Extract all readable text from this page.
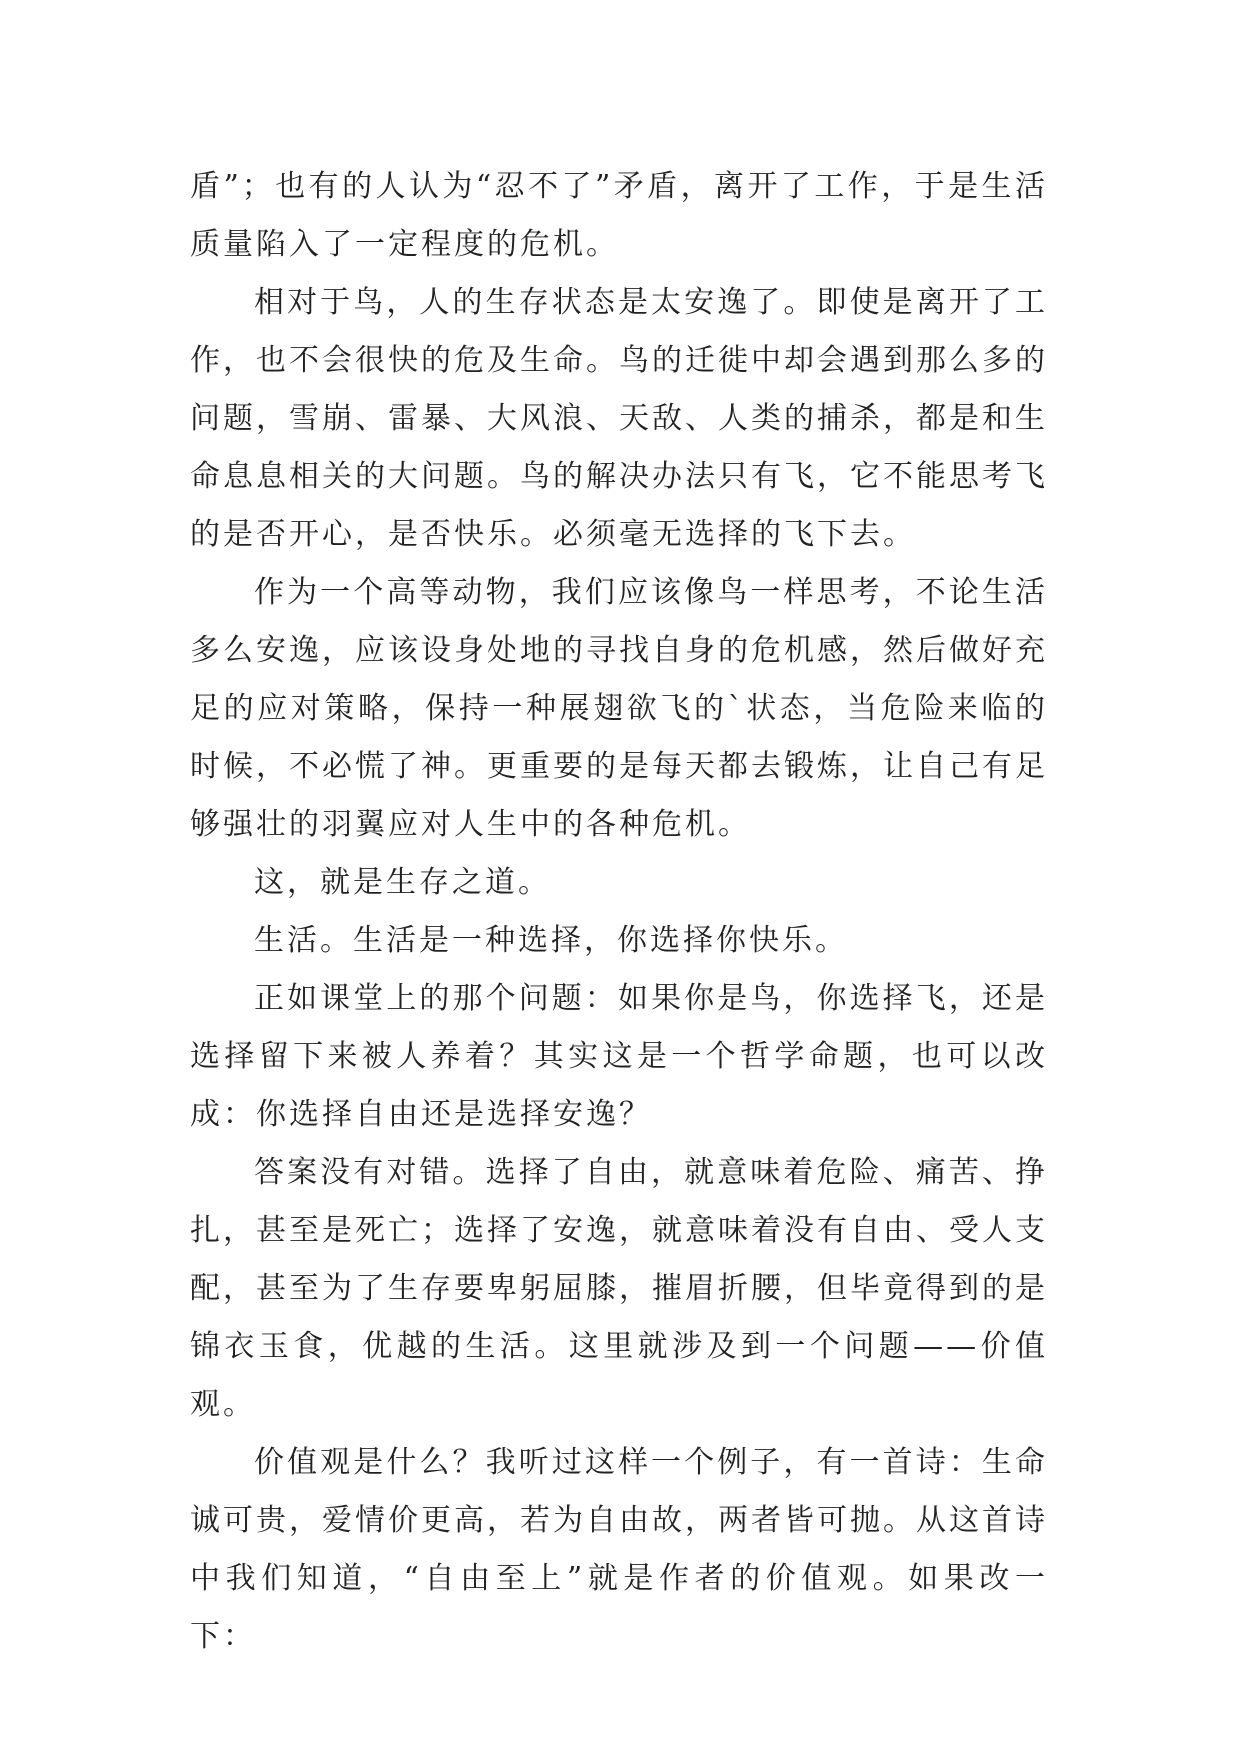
盾”；也有的人认为“忍不了”矛盾，离开了工作，于是生活质量陷入了一定程度的危机。

相对于鸟，人的生存状态是太安逸了。即使是离开了工作，也不会很快的危及生命。鸟的迁徙中却会遇到那么多的问题，雪崩、雷暴、大风浪、天敌、人类的捕杀，都是和生命息息相关的大问题。鸟的解决办法只有飞，它不能思考飞的是否开心，是否快乐。必须毫无选择的飞下去。

作为一个高等动物，我们应该像鸟一样思考，不论生活多么安逸，应该设身处地的寻找自身的危机感，然后做好充足的应对策略，保持一种展翅欲飞的`状态，当危险来临的时候，不必慌了神。更重要的是每天都去锻炼，让自己有足够强壮的羽翼应对人生中的各种危机。

这，就是生存之道。

生活。生活是一种选择，你选择你快乐。

正如课堂上的那个问题：如果你是鸟，你选择飞，还是选择留下来被人养着？其实这是一个哲学命题，也可以改成：你选择自由还是选择安逸？

答案没有对错。选择了自由，就意味着危险、痛苦、挣扎，甚至是死亡；选择了安逸，就意味着没有自由、受人支配，甚至为了生存要卑躬屈膝，摧眉折腰，但毕竟得到的是锦衣玉食，优越的生活。这里就涉及到一个问题——价值观。

价值观是什么？我听过这样一个例子，有一首诗：生命诚可贵，爱情价更高，若为自由故，两者皆可抛。从这首诗中我们知道，“自由至上”就是作者的价值观。如果改一下：
